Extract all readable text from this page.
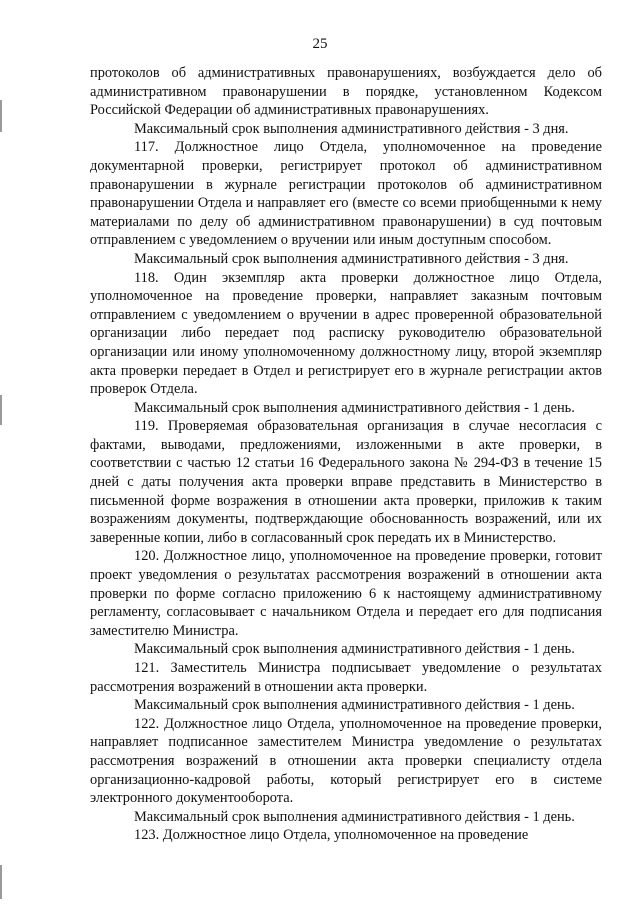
25

протоколов об административных правонарушениях, возбуждается дело об административном правонарушении в порядке, установленном Кодексом Российской Федерации об административных правонарушениях.

Максимальный срок выполнения административного действия - 3 дня.

117. Должностное лицо Отдела, уполномоченное на проведение документарной проверки, регистрирует протокол об административном правонарушении в журнале регистрации протоколов об административном правонарушении Отдела и направляет его (вместе со всеми приобщенными к нему материалами по делу об административном правонарушении) в суд почтовым отправлением с уведомлением о вручении или иным доступным способом.

Максимальный срок выполнения административного действия - 3 дня.

118. Один экземпляр акта проверки должностное лицо Отдела, уполномоченное на проведение проверки, направляет заказным почтовым отправлением с уведомлением о вручении в адрес проверенной образовательной организации либо передает под расписку руководителю образовательной организации или иному уполномоченному должностному лицу, второй экземпляр акта проверки передает в Отдел и регистрирует его в журнале регистрации актов проверок Отдела.

Максимальный срок выполнения административного действия - 1 день.

119. Проверяемая образовательная организация в случае несогласия с фактами, выводами, предложениями, изложенными в акте проверки, в соответствии с частью 12 статьи 16 Федерального закона № 294-ФЗ в течение 15 дней с даты получения акта проверки вправе представить в Министерство в письменной форме возражения в отношении акта проверки, приложив к таким возражениям документы, подтверждающие обоснованность возражений, или их заверенные копии, либо в согласованный срок передать их в Министерство.

120. Должностное лицо, уполномоченное на проведение проверки, готовит проект уведомления о результатах рассмотрения возражений в отношении акта проверки по форме согласно приложению 6 к настоящему административному регламенту, согласовывает с начальником Отдела и передает его для подписания заместителю Министра.

Максимальный срок выполнения административного действия - 1 день.

121. Заместитель Министра подписывает уведомление о результатах рассмотрения возражений в отношении акта проверки.

Максимальный срок выполнения административного действия - 1 день.

122. Должностное лицо Отдела, уполномоченное на проведение проверки, направляет подписанное заместителем Министра уведомление о результатах рассмотрения возражений в отношении акта проверки специалисту отдела организационно-кадровой работы, который регистрирует его в системе электронного документооборота.

Максимальный срок выполнения административного действия - 1 день.

123. Должностное лицо Отдела, уполномоченное на проведение
